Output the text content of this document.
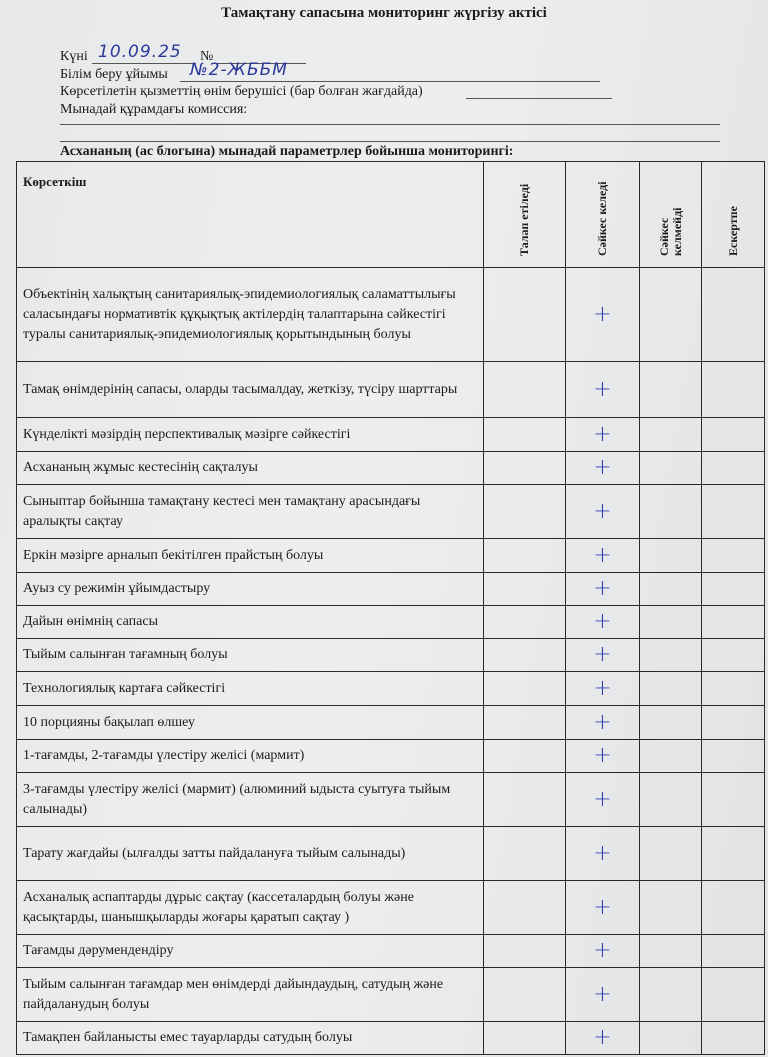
Тамақтану сапасына мониторинг жүргізу актісі
Күні 10.09.25 №
Білім беру ұйымы №2-ЖББМ
Көрсетілетін қызметтің өнім берушісі (бар болған жағдайда)
Мынадай құрамдағы комиссия:
Асхананың (ас блогына) мынадай параметрлер бойынша мониторингі:
Көрсеткіш	Талап етіледі	Сәйкес келеді	Сәйкес келмейді	Ескертпе

Объектінің халықтың санитариялық-эпидемиологиялық саламаттылығы саласындағы нормативтік құқықтық актілердің талаптарына сәйкестігі туралы санитариялық-эпидемиологиялық қорытындының болуы		+		
Тамақ өнімдерінің сапасы, оларды тасымалдау, жеткізу, түсіру шарттары		+		
Күнделікті мәзірдің перспективалық мәзірге сәйкестігі		+		
Асхананың жұмыс кестесінің сақталуы		+		
Сыныптар бойынша тамақтану кестесі мен тамақтану арасындағы аралықты сақтау		+		
Еркін мәзірге арналып бекітілген прайстың болуы		+		
Ауыз су режимін ұйымдастыру		+		
Дайын өнімнің сапасы		+		
Тыйым салынған тағамның болуы		+		
Технологиялық картаға сәйкестігі		+		
10 порцияны бақылап өлшеу		+		
1-тағамды, 2-тағамды үлестіру желісі (мармит)		+		
3-тағамды үлестіру желісі (мармит) (алюминий ыдыста суытуға тыйым салынады)		+		
Тарату жағдайы (ылғалды затты пайдалануға тыйым салынады)		+		
Асханалық аспаптарды дұрыс сақтау (кассеталардың болуы және қасықтарды, шанышқыларды жоғары қаратып сақтау )		+		
Тағамды дәрумендендіру		+		
Тыйым салынған тағамдар мен өнімдерді дайындаудың, сатудың және пайдаланудың болуы		+		
Тамақпен байланысты емес тауарларды сатудың болуы		+		
